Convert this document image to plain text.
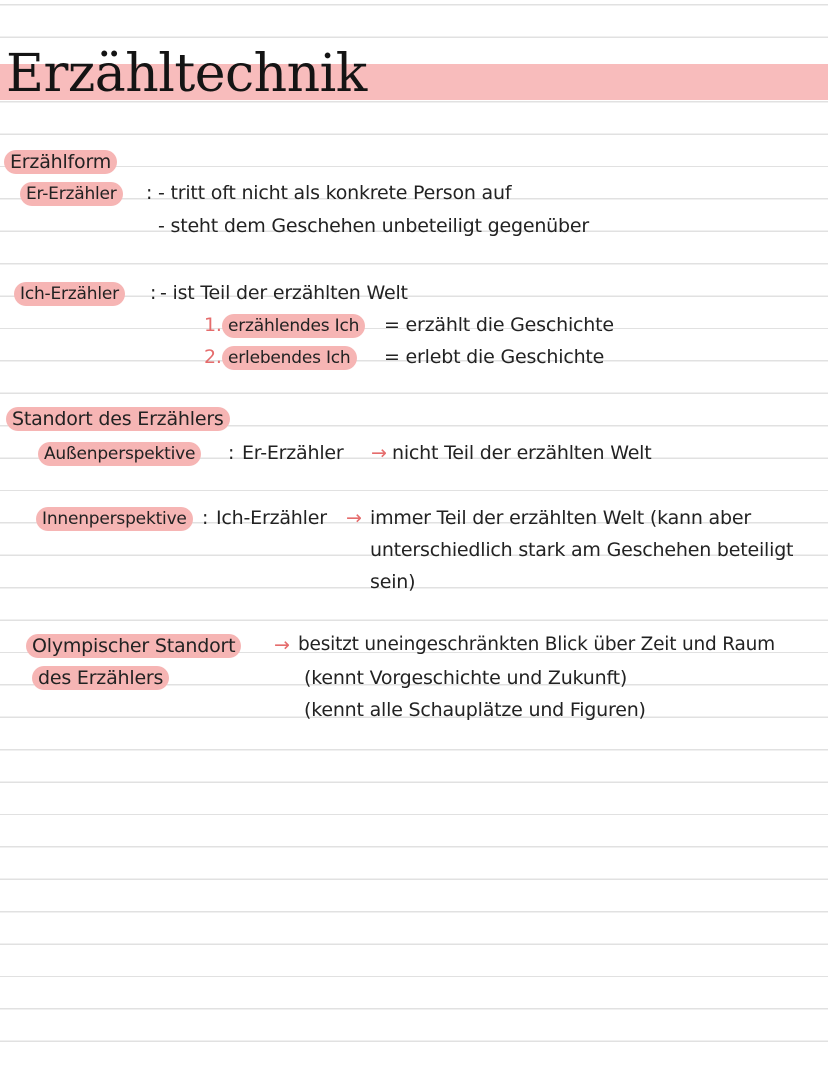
Erzähltechnik
Erzählform
Er-Erzähler	: - tritt oft nicht als konkrete Person auf
- steht dem Geschehen unbeteiligt gegenüber
Ich-Erzähler	: - ist Teil der erzählten Welt
1. erzählendes Ich	= erzählt die Geschichte
2. erlebendes Ich	= erlebt die Geschichte
Standort des Erzählers
Außenperspektive	: Er-Erzähler → nicht Teil der erzählten Welt
Innenperspektive : Ich-Erzähler → immer Teil der erzählten Welt (kann aber
unterschiedlich stark am Geschehen beteiligt
sein)
Olympischer Standort
des Erzählers
→ besitzt uneingeschränkten Blick über Zeit und Raum
(kennt Vorgeschichte und Zukunft)
(kennt alle Schauplätze und Figuren)
